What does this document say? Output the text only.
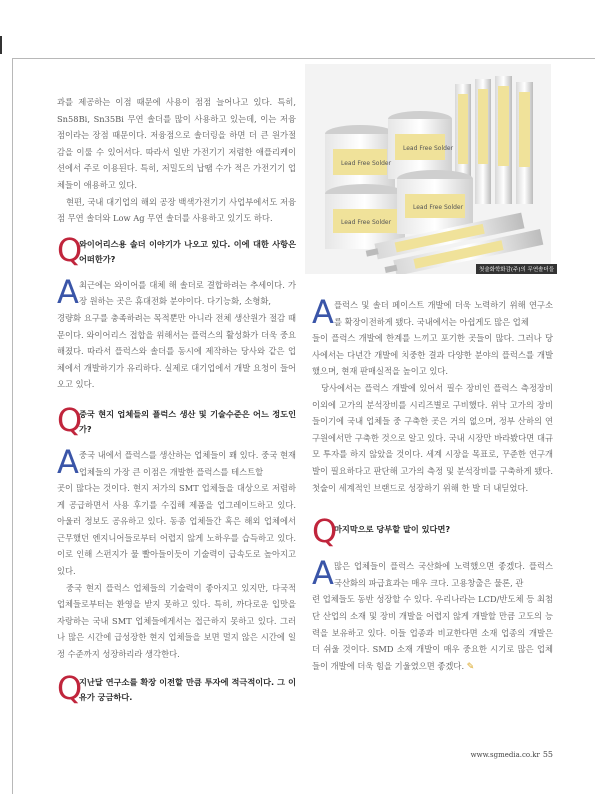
과를 제공하는 이점 때문에 사용이 점점 늘어나고 있다. 특히, Sn58Bi, Sn35Bi 무연 솔더를 많이 사용하고 있는데, 이는 저융점이라는 장점 때문이다. 저융점으로 솔더링을 하면 더 큰 원가절감을 이룰 수 있어서다. 따라서 일반 가전기기 저렴한 애플리케이션에서 주로 이용된다. 특히, 저밀도의 납땜 수가 적은 가전기기 업체들이 애용하고 있다.

현편, 국내 대기업의 해외 공장 백색가전기기 사업부에서도 저융점 무연 솔더와 Low Ag 무연 솔더를 사용하고 있기도 하다.

Q
와이어리스용 솔더 이야기가 나오고 있다. 이에 대한 사항은 어떠한가?
A 최근에는 와이어를 대체 해 솔더로 결합하려는 추세이다. 가장 원하는 곳은 휴대전화 분야이다. 다기능화, 소형화,

경량화 요구를 충족하려는 목적뿐만 아니라 전체 생산원가 절감 때문이다. 와이어리스 접합을 위해서는 플럭스의 활성화가 더욱 중요해졌다. 따라서 플럭스와 솔더를 동시에 제작하는 당사와 같은 업체에서 개발하기가 유리하다. 실제로 대기업에서 개발 요청이 들어오고 있다.

Q
중국 현지 업체들의 플럭스 생산 및 기술수준은 어느 정도인가?
A 중국 내에서 플럭스를 생산하는 업체들이 꽤 있다. 중국 현재 업체들의 가장 큰 이점은 개발한 플럭스를 테스트할

곳이 많다는 것이다. 현지 저가의 SMT 업체들을 대상으로 저렴하게 공급하면서 사용 후기를 수집해 제품을 업그레이드하고 있다. 아울러 정보도 공유하고 있다. 동종 업체들간 혹은 해외 업체에서 근무했던 엔지니어들로부터 어렵지 않게 노하우를 습득하고 있다. 이로 인해 스펀지가 물 빨아들이듯이 기술력이 급속도로 높아지고 있다.

중국 현지 플럭스 업체들의 기술력이 좋아지고 있지만, 다국적 업체들로부터는 환영을 받지 못하고 있다. 특히, 까다로운 입맛을 자랑하는 국내 SMT 업체들에게서는 접근하지 못하고 있다. 그러나 많은 시간에 급성장한 현지 업체들을 보면 멀지 않은 시간에 일정 수준까지 성장하리라 생각한다.

Q
지난달 연구소를 확장 이전할 만큼 투자에 적극적이다. 그 이유가 궁금하다.
Lead Free Solder
Lead Free Solder
Lead Free Solder
Lead Free Solder
첫술화학화감(주)의 무연솔더들
A 플럭스 및 솔더 페이스트 개발에 더욱 노력하기 위해 연구소를 확장이전하게 됐다. 국내에서는 아쉽게도 많은 업체

들이 플럭스 개발에 한계를 느끼고 포기한 곳들이 많다. 그러나 당사에서는 다년간 개발에 치중한 결과 다양한 분야의 플럭스를 개발했으며, 현재 판매실적을 높이고 있다.

당사에서는 플럭스 개발에 있어서 필수 장비인 플럭스 측정장비 이외에 고가의 분석장비를 시리즈별로 구비했다. 위낙 고가의 장비들이기에 국내 업체들 중 구축한 곳은 거의 없으며, 정부 산하의 연구원에서만 구축한 것으로 알고 있다. 국내 시장만 바라봤다면 대규모 투자를 하지 않았을 것이다. 세계 시장을 목표로, 꾸준한 연구개발이 필요하다고 판단해 고가의 측정 및 분석장비를 구축하게 됐다. 첫술이 세계적인 브랜드로 성장하기 위해 한 발 더 내딛었다.

Q
마지막으로 당부할 말이 있다면?
A 많은 업체들이 플럭스 국산화에 노력했으면 좋겠다. 플럭스 국산화의 파급효과는 매우 크다. 고용창출은 물론, 관

련 업체들도 동반 성장할 수 있다. 우리나라는 LCD/반도체 등 최첨단 산업의 소재 및 장비 개발을 어렵지 않게 개발할 만큼 고도의 능력을 보유하고 있다. 이들 업종과 비교한다면 소재 업종의 개발은 더 쉬울 것이다. SMD 소재 개발이 매우 중요한 시기로 많은 업체들이 개발에 더욱 힘을 기울였으면 좋겠다. ✎

www.sgmedia.co.kr 55
